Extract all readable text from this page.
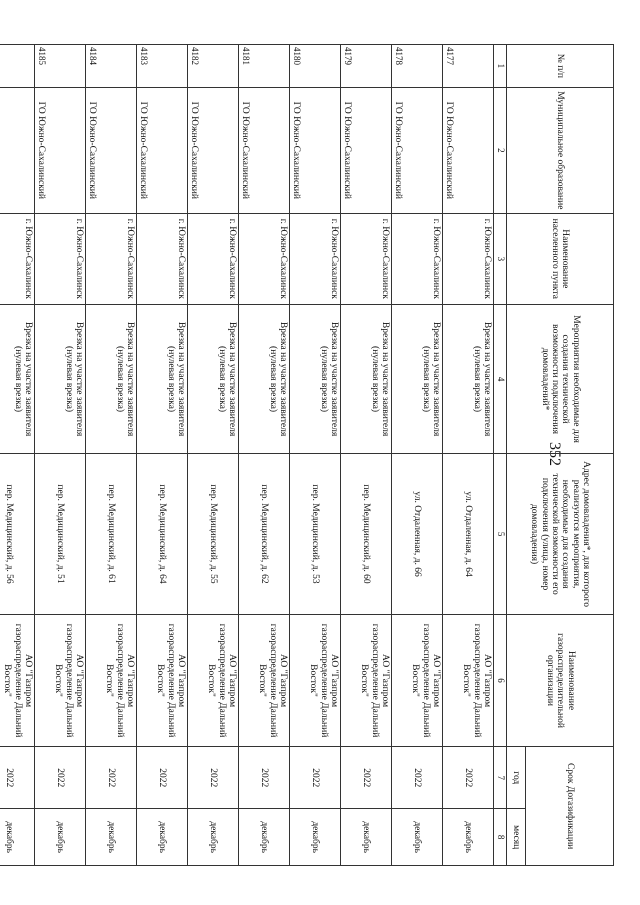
352
№ п/п	Муниципальное образование	Наименование населенного пункта	Мероприятия необходимые для создания технической возможности подключения домовладений*	Адрес домовладения*, для которого реализуются мероприятия, необходимые для создания технической возможности его подключения (улица, номер домовладения)	Наименование газораспределительной организации	Срок Догазификации	
						год	месяц
1	2	3	4	5	6	7	8
4177	ГО Южно-Сахалинский	г. Южно-Сахалинск	Врезка на участке заявителя (нулевая врезка)	ул. Отдаленная, д. 64	АО "Газпром газораспределение Дальний Восток"	2022	декабрь
4178	ГО Южно-Сахалинский	г. Южно-Сахалинск	Врезка на участке заявителя (нулевая врезка)	ул. Отдаленная, д. 66	АО "Газпром газораспределение Дальний Восток"	2022	декабрь
4179	ГО Южно-Сахалинский	г. Южно-Сахалинск	Врезка на участке заявителя (нулевая врезка)	пер. Медицинский, д. 60	АО "Газпром газораспределение Дальний Восток"	2022	декабрь
4180	ГО Южно-Сахалинский	г. Южно-Сахалинск	Врезка на участке заявителя (нулевая врезка)	пер. Медицинский, д. 53	АО "Газпром газораспределение Дальний Восток"	2022	декабрь
4181	ГО Южно-Сахалинский	г. Южно-Сахалинск	Врезка на участке заявителя (нулевая врезка)	пер. Медицинский, д. 62	АО "Газпром газораспределение Дальний Восток"	2022	декабрь
4182	ГО Южно-Сахалинский	г. Южно-Сахалинск	Врезка на участке заявителя (нулевая врезка)	пер. Медицинский, д. 55	АО "Газпром газораспределение Дальний Восток"	2022	декабрь
4183	ГО Южно-Сахалинский	г. Южно-Сахалинск	Врезка на участке заявителя (нулевая врезка)	пер. Медицинский, д. 64	АО "Газпром газораспределение Дальний Восток"	2022	декабрь
4184	ГО Южно-Сахалинский	г. Южно-Сахалинск	Врезка на участке заявителя (нулевая врезка)	пер. Медицинский, д. 61	АО "Газпром газораспределение Дальний Восток"	2022	декабрь
4185	ГО Южно-Сахалинский	г. Южно-Сахалинск	Врезка на участке заявителя (нулевая врезка)	пер. Медицинский, д. 51	АО "Газпром газораспределение Дальний Восток"	2022	декабрь
		г. Южно-Сахалинск	Врезка на участке заявителя (нулевая врезка)	пер. Медицинский, д. 56	АО "Газпром газораспределение Дальний Восток"	2022	декабрь
